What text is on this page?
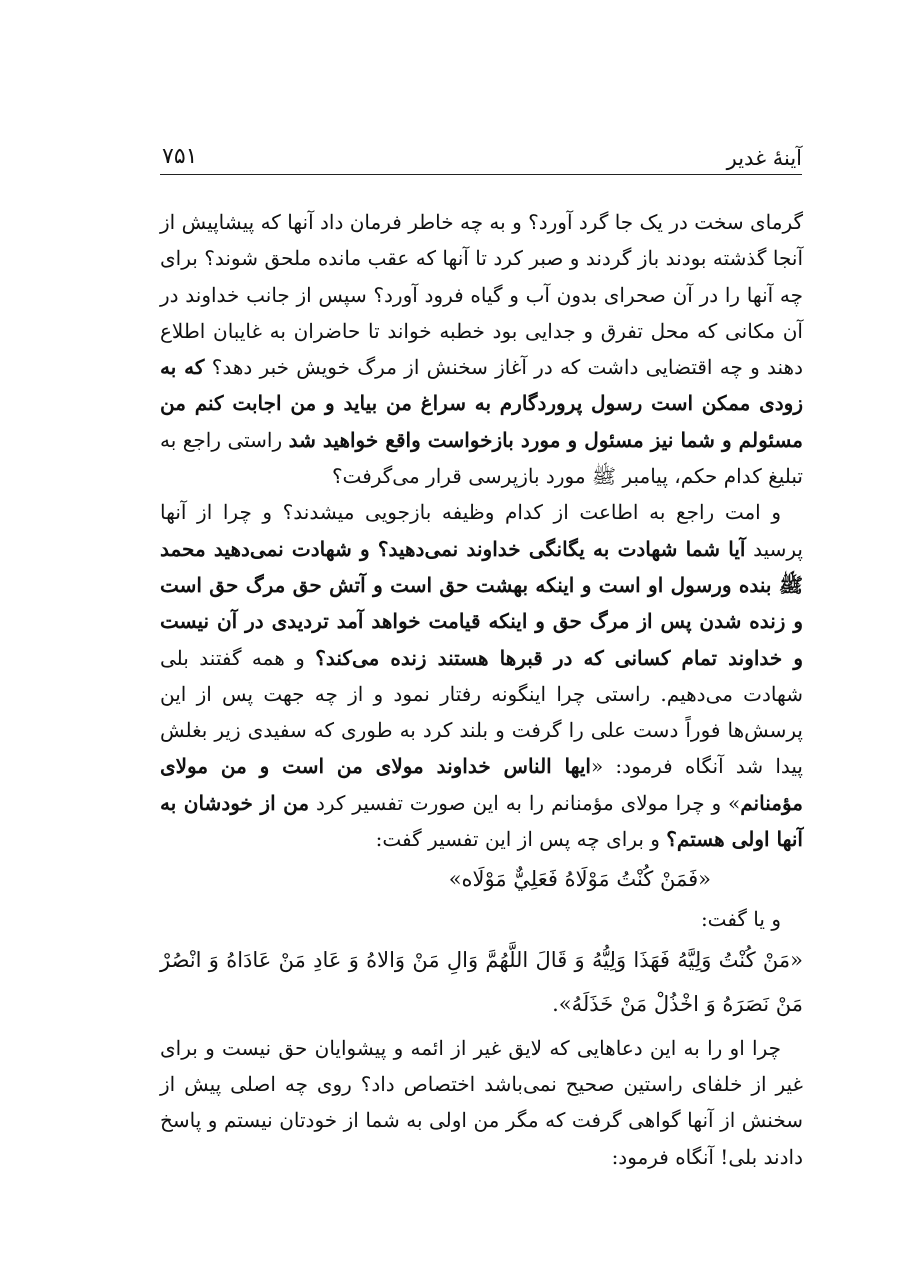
آینهٔ غدیر
۷۵۱

گرمای سخت در یک جا گرد آورد؟ و به چه خاطر فرمان داد آنها که پیشاپیش از آنجا گذشته بودند باز گردند و صبر کرد تا آنها که عقب مانده ملحق شوند؟ برای چه آنها را در آن صحرای بدون آب و گیاه فرود آورد؟ سپس از جانب خداوند در آن مکانی که محل تفرق و جدایی بود خطبه خواند تا حاضران به غایبان اطلاع دهند و چه اقتضایی داشت که در آغاز سخنش از مرگ خویش خبر دهد؟ که به زودی ممکن است رسول پروردگارم به سراغ من بیاید و من اجابت کنم من مسئولم و شما نیز مسئول و مورد بازخواست واقع خواهید شد راستی راجع به تبلیغ کدام حکم، پیامبر ﷺ مورد بازپرسی قرار می‌گرفت؟

و امت راجع به اطاعت از کدام وظیفه بازجویی میشدند؟ و چرا از آنها پرسید آیا شما شهادت به یگانگی خداوند نمی‌دهید؟ و شهادت نمی‌دهید محمد ﷺ بنده ورسول او است و اینکه بهشت حق است و آتش حق مرگ حق است و زنده شدن پس از مرگ حق و اینکه قیامت خواهد آمد تردیدی در آن نیست و خداوند تمام کسانی که در قبرها هستند زنده می‌کند؟ و همه گفتند بلی شهادت می‌دهیم. راستی چرا اینگونه رفتار نمود و از چه جهت پس از این پرسش‌ها فوراً دست علی را گرفت و بلند کرد به طوری که سفیدی زیر بغلش پیدا شد آنگاه فرمود: «ایها الناس خداوند مولای من است و من مولای مؤمنانم» و چرا مولای مؤمنانم را به این صورت تفسیر کرد من از خودشان به آنها اولی هستم؟ و برای چه پس از این تفسیر گفت:

«فَمَنْ كُنْتُ مَوْلَاهُ فَعَلِيٌّ مَوْلَاه»

و یا گفت:

«مَنْ كُنْتُ وَلِيَّهُ فَهَذَا وَلِيُّهُ وَ قَالَ اللَّهُمَّ وَالِ مَنْ وَالاهُ وَ عَادِ مَنْ عَادَاهُ وَ انْصُرْ مَنْ نَصَرَهُ وَ اخْذُلْ مَنْ خَذَلَهُ».

چرا او را به این دعاهایی که لایق غیر از ائمه و پیشوایان حق نیست و برای غیر از خلفای راستین صحیح نمی‌باشد اختصاص داد؟ روی چه اصلی پیش از سخنش از آنها گواهی گرفت که مگر من اولی به شما از خودتان نیستم و پاسخ دادند بلی! آنگاه فرمود:
